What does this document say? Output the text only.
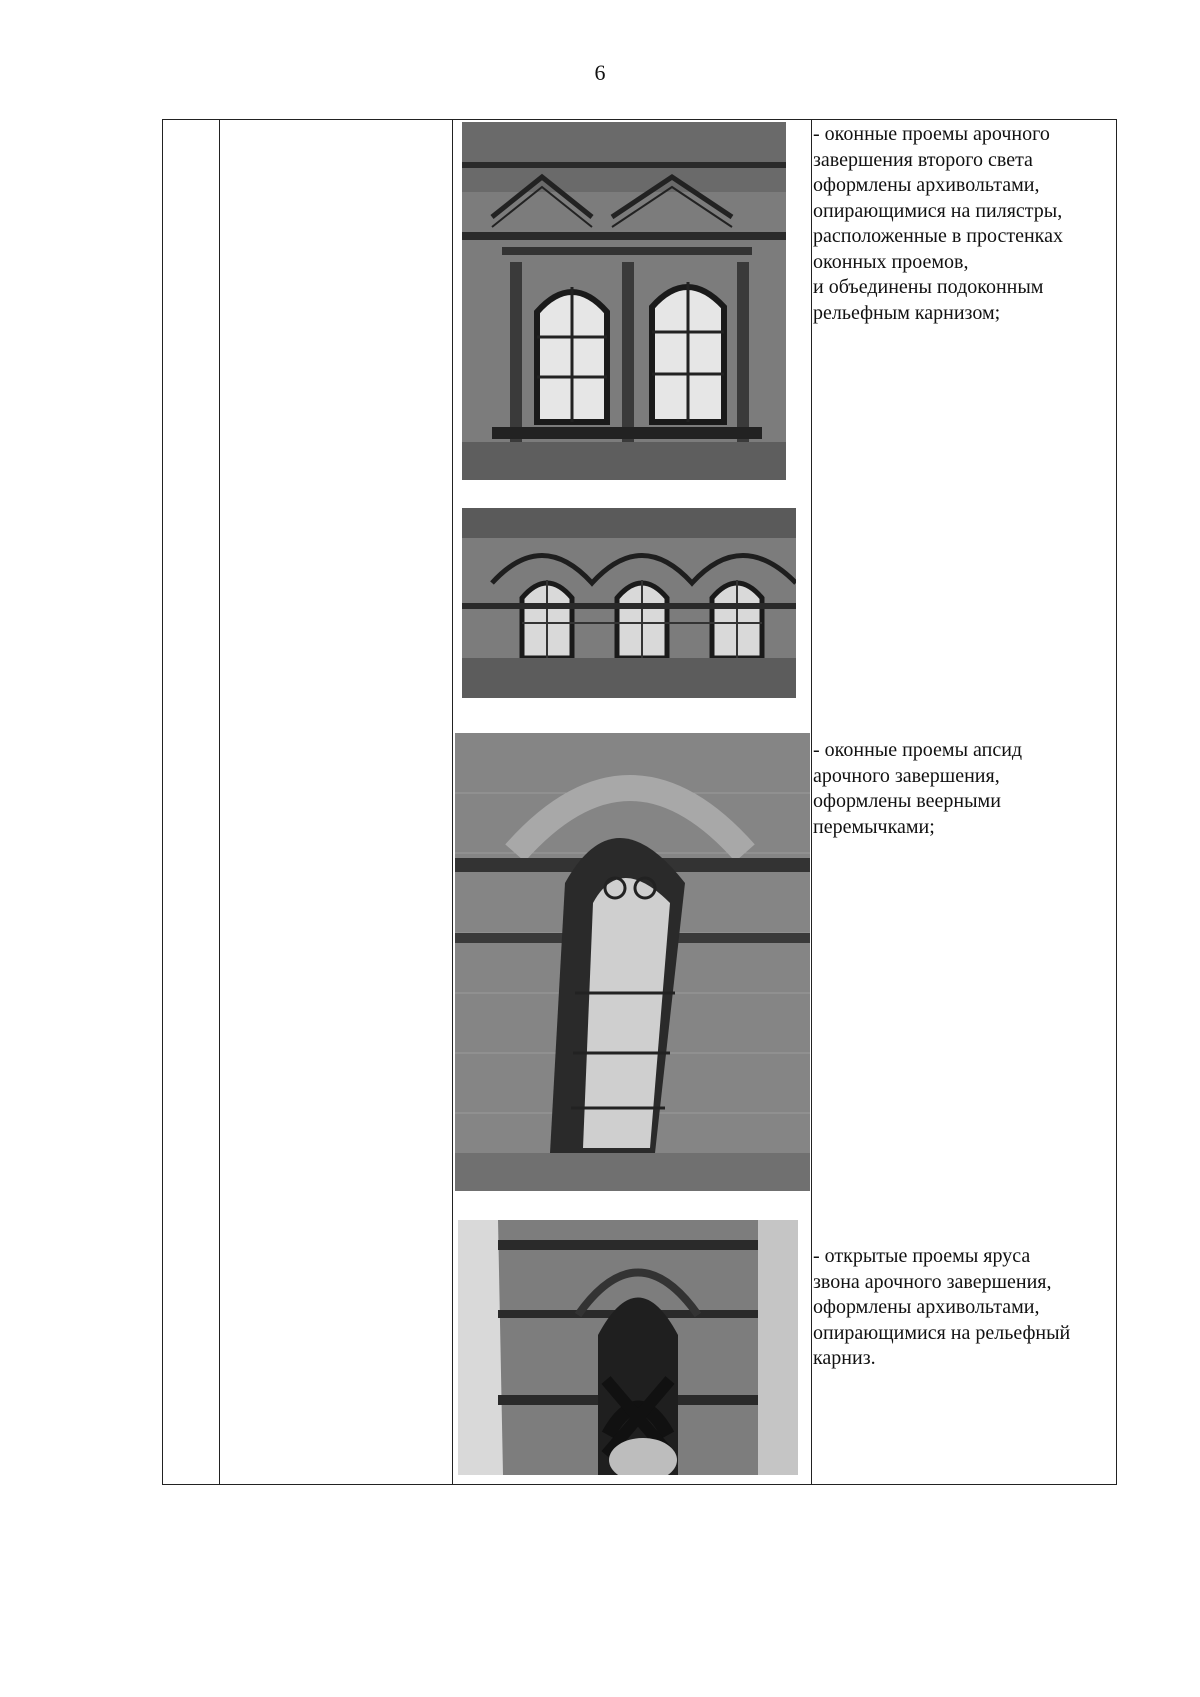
6
- оконные проемы арочного
завершения второго света
оформлены архивольтами,
опирающимися на пилястры,
расположенные в простенках
оконных проемов,
и объединены подоконным
рельефным карнизом;
- оконные проемы апсид
арочного завершения,
оформлены веерными
перемычками;
- открытые проемы яруса
звона арочного завершения,
оформлены архивольтами,
опирающимися на рельефный
карниз.
